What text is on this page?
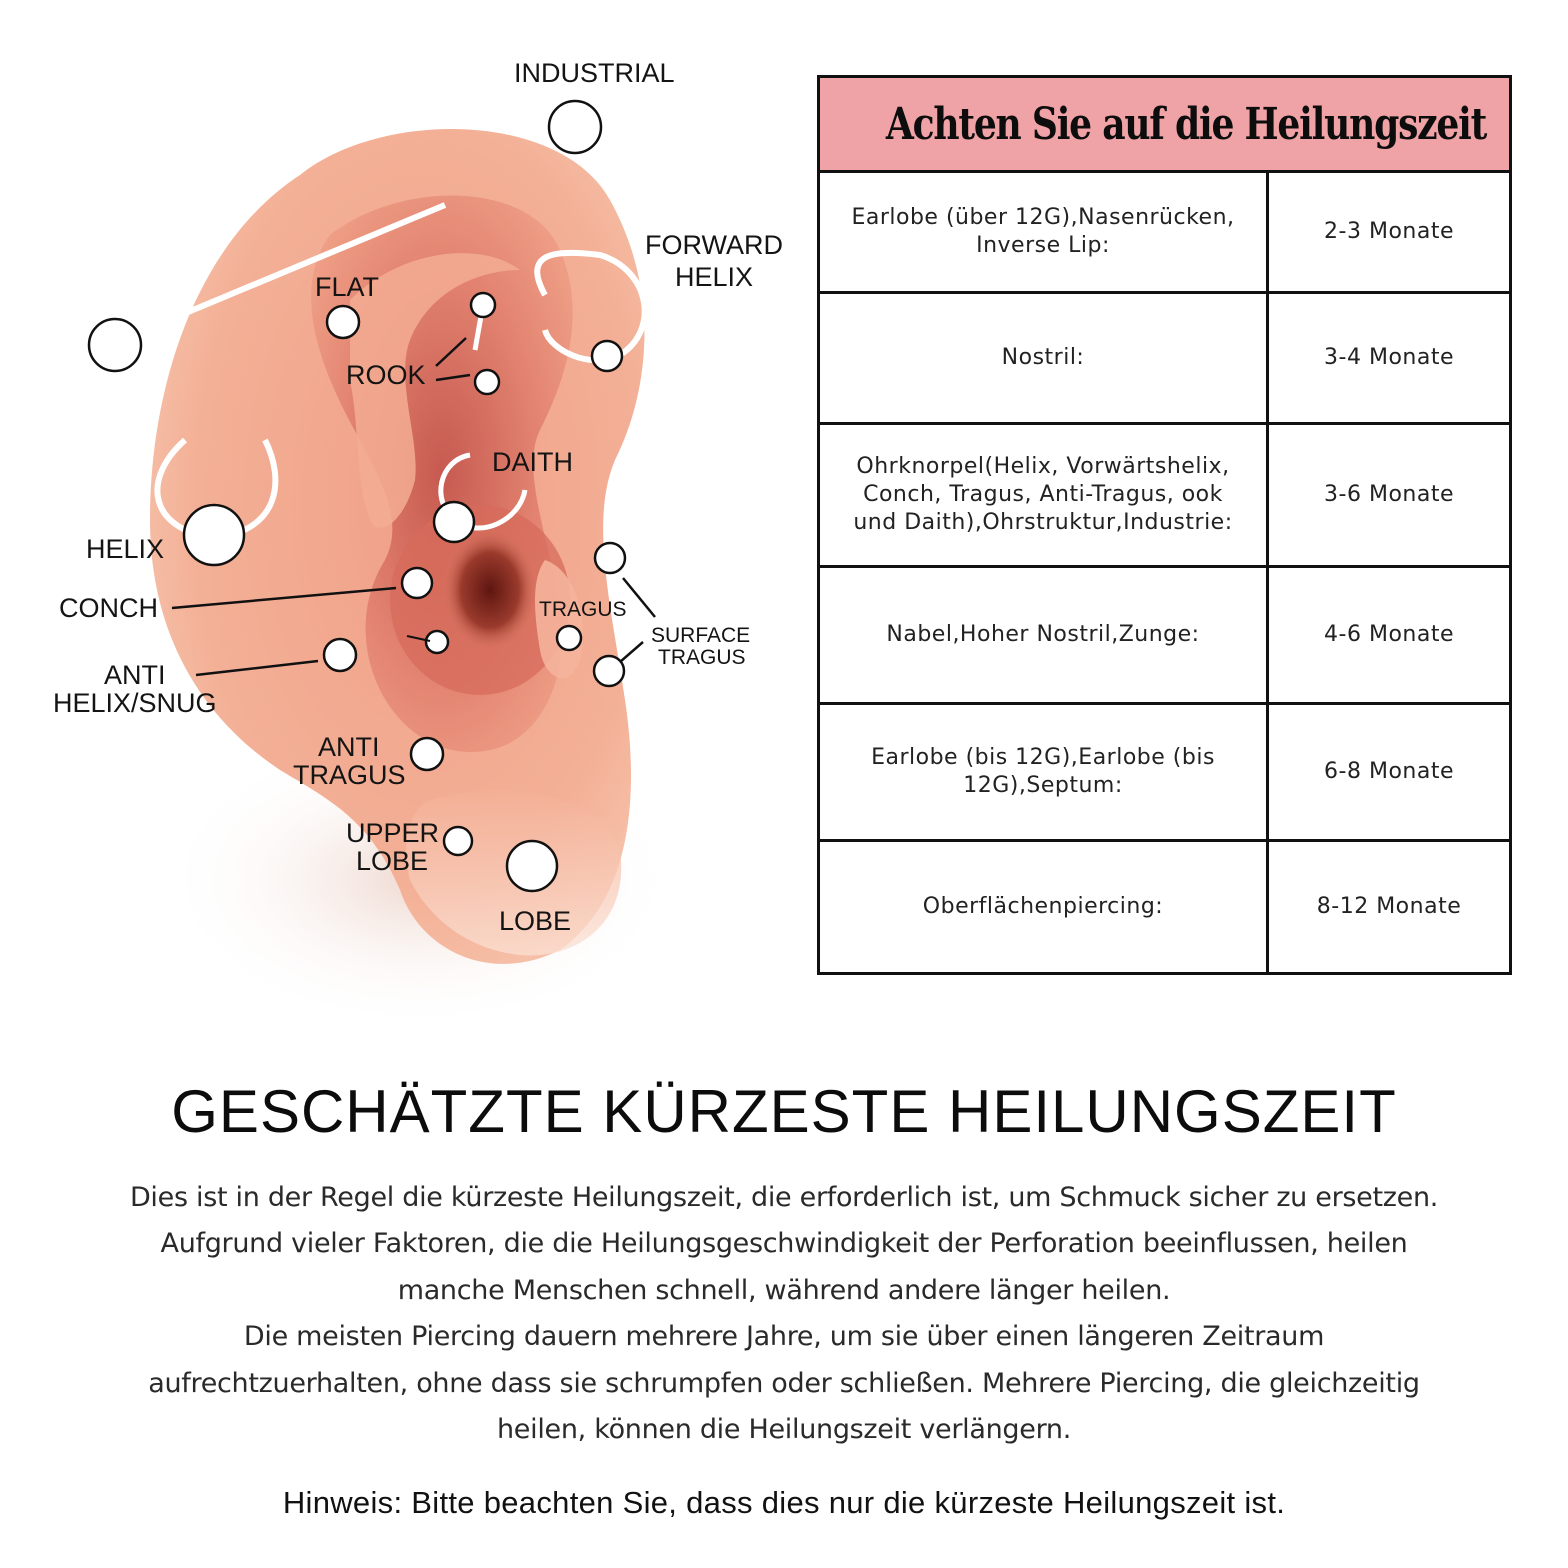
INDUSTRIAL
FORWARD
HELIX
FLAT
ROOK
DAITH
HELIX
CONCH	TRAGUS
SURFACE
TRAGUS
ANTI
HELIX/SNUG
ANTI
TRAGUS
UPPER
LOBE
LOBE
Achten Sie auf die Heilungszeit	
Earlobe (über 12G),Nasenrücken, Inverse Lip:	2-3 Monate
Nostril:	3-4 Monate
Ohrknorpel(Helix, Vorwärtshelix, Conch, Tragus, Anti-Tragus, ook und Daith),Ohrstruktur,Industrie:	3-6 Monate
Nabel,Hoher Nostril,Zunge:	4-6 Monate
Earlobe (bis 12G),Earlobe (bis 12G),Septum:	6-8 Monate
Oberflächenpiercing:	8-12 Monate
GESCHÄTZTE KÜRZESTE HEILUNGSZEIT
Dies ist in der Regel die kürzeste Heilungszeit, die erforderlich ist, um Schmuck sicher zu ersetzen.
Aufgrund vieler Faktoren, die die Heilungsgeschwindigkeit der Perforation beeinflussen, heilen
manche Menschen schnell, während andere länger heilen.
Die meisten Piercing dauern mehrere Jahre, um sie über einen längeren Zeitraum
aufrechtzuerhalten, ohne dass sie schrumpfen oder schließen. Mehrere Piercing, die gleichzeitig
heilen, können die Heilungszeit verlängern.
Hinweis: Bitte beachten Sie, dass dies nur die kürzeste Heilungszeit ist.
